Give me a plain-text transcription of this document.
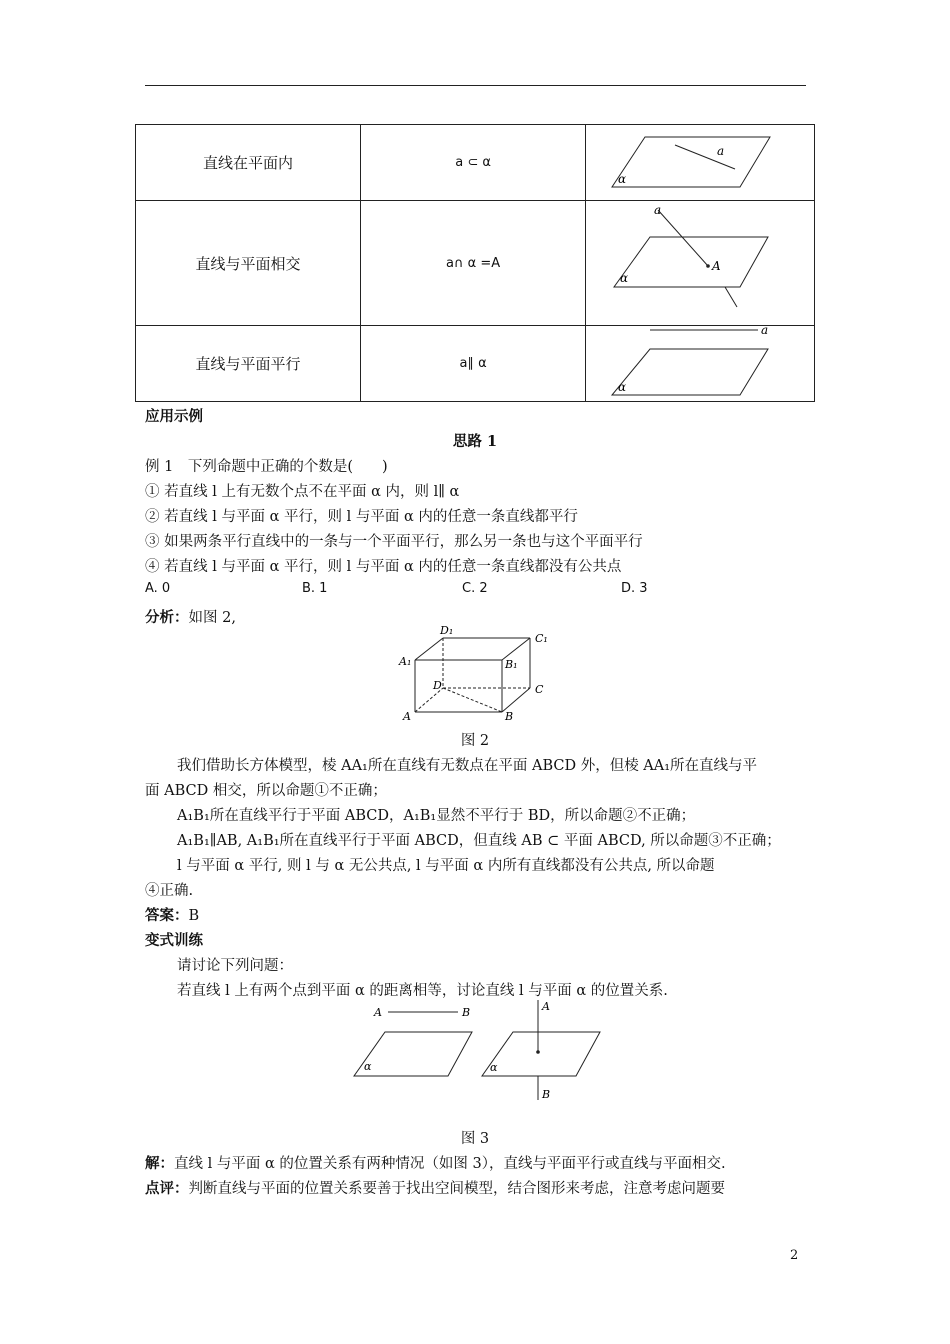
直线在平面内	a ⊂ α	a
α

直线与平面相交	a∩ α =A	a
A
α

直线与平面平行	a∥ α	a
α
应用示例
思路 1
例 1　下列命题中正确的个数是(　　)
① 若直线 l 上有无数个点不在平面 α 内，则 l∥ α
② 若直线 l 与平面 α 平行，则 l 与平面 α 内的任意一条直线都平行
③ 如果两条平行直线中的一条与一个平面平行，那么另一条也与这个平面平行
④ 若直线 l 与平面 α 平行，则 l 与平面 α 内的任意一条直线都没有公共点
A. 0	B. 1	C. 2	D. 3
分析：如图 2,
D₁
C₁
A₁	B₁
D	C
A	B
图 2
我们借助长方体模型，棱 AA₁所在直线有无数点在平面 ABCD 外，但棱 AA₁所在直线与平
面 ABCD 相交，所以命题①不正确；
A₁B₁所在直线平行于平面 ABCD，A₁B₁显然不平行于 BD，所以命题②不正确；
A₁B₁∥AB, A₁B₁所在直线平行于平面 ABCD，但直线 AB ⊂ 平面 ABCD, 所以命题③不正确；
l 与平面 α 平行, 则 l 与 α 无公共点, l 与平面 α 内所有直线都没有公共点, 所以命题
④正确.
答案：B
变式训练
请讨论下列问题：
若直线 l 上有两个点到平面 α 的距离相等，讨论直线 l 与平面 α 的位置关系.
A	B
α
A
α
B
图 3
解：直线 l 与平面 α 的位置关系有两种情况（如图 3），直线与平面平行或直线与平面相交.
点评：判断直线与平面的位置关系要善于找出空间模型，结合图形来考虑，注意考虑问题要
2
